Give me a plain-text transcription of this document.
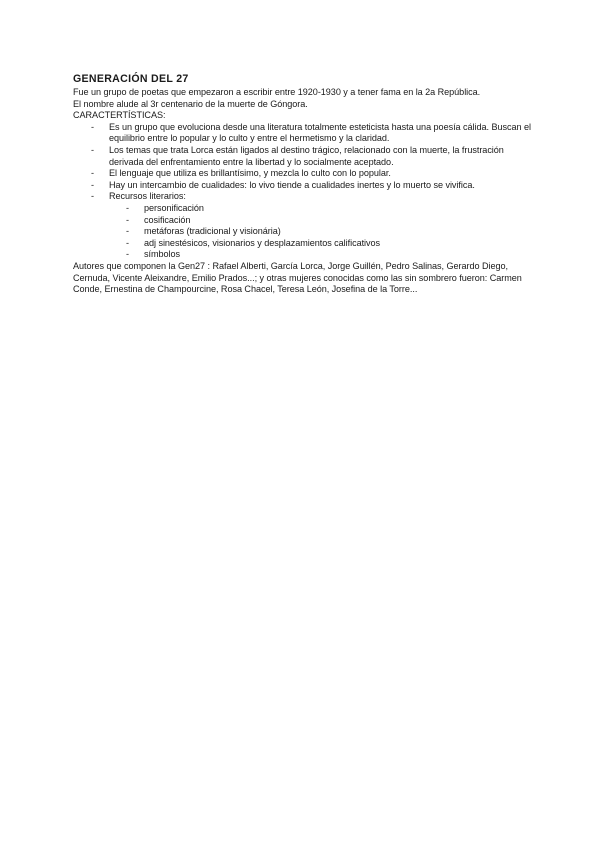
GENERACIÓN DEL 27

Fue un grupo de poetas que empezaron a escribir entre 1920-1930 y a tener fama en la 2a República.

El nombre alude al 3r centenario de la muerte de Góngora.

CARACTERTÍSTICAS:

- Es un grupo que evoluciona desde una literatura totalmente esteticista hasta una poesía cálida. Buscan el equilibrio entre lo popular y lo culto y entre el hermetismo y la claridad.
- Los temas que trata Lorca están ligados al destino trágico, relacionado con la muerte, la frustración derivada del enfrentamiento entre la libertad y lo socialmente aceptado.
- El lenguaje que utiliza es brillantísimo, y mezcla lo culto con lo popular.
- Hay un intercambio de cualidades: lo vivo tiende a cualidades inertes y lo muerto se vivifica.
- Recursos literarios:
- personificación
- cosificación
- metáforas (tradicional y visionária)
- adj sinestésicos, visionarios y desplazamientos calificativos
- símbolos

Autores que componen la Gen27 : Rafael Alberti, García Lorca, Jorge Guillén, Pedro Salinas, Gerardo Diego, Cernuda, Vicente Aleixandre, Emilio Prados...; y otras mujeres conocidas como las sin sombrero fueron: Carmen Conde, Ernestina de Champourcine, Rosa Chacel, Teresa León, Josefina de la Torre...
